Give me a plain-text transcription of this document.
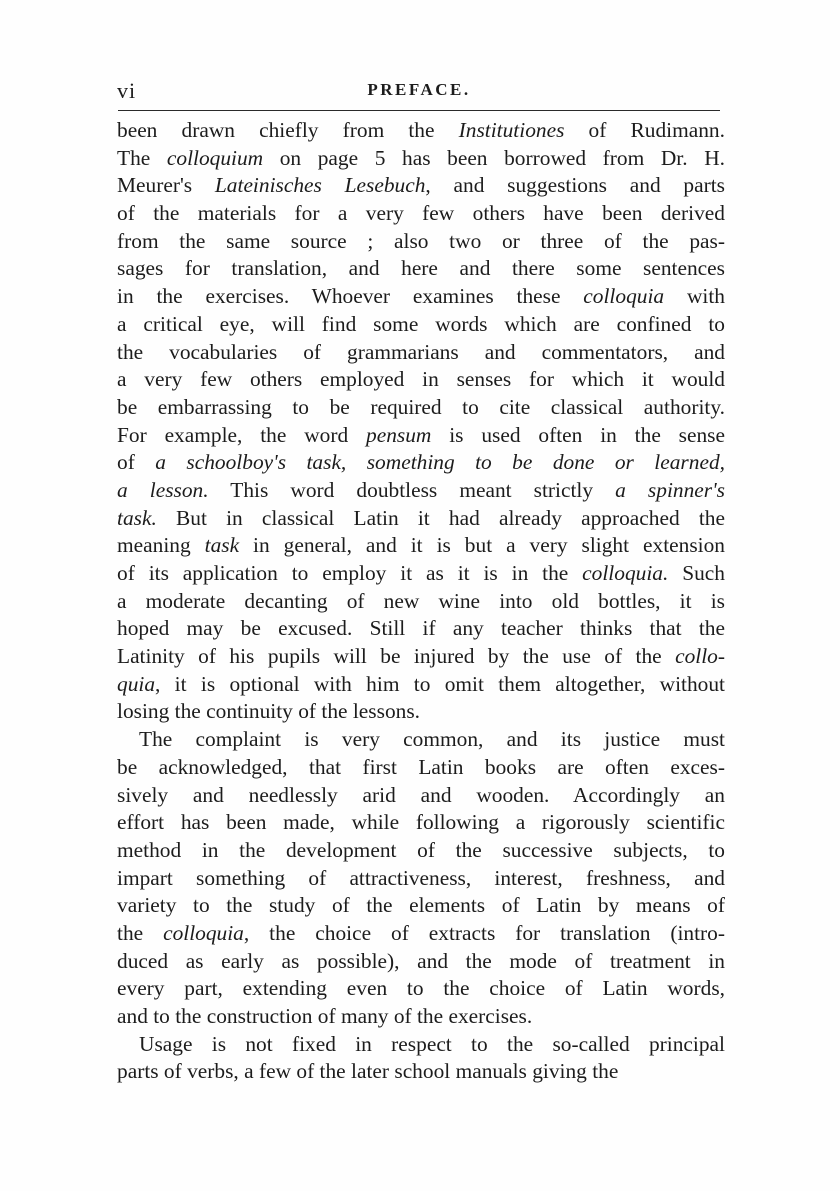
vi	PREFACE.
been drawn chiefly from the Institutiones of Rudimann.
The colloquium on page 5 has been borrowed from Dr. H.
Meurer's Lateinisches Lesebuch, and suggestions and parts
of the materials for a very few others have been derived
from the same source ; also two or three of the pas-
sages for translation, and here and there some sentences
in the exercises. Whoever examines these colloquia with
a critical eye, will find some words which are confined to
the vocabularies of grammarians and commentators, and
a very few others employed in senses for which it would
be embarrassing to be required to cite classical authority.
For example, the word pensum is used often in the sense
of a schoolboy's task, something to be done or learned,
a lesson. This word doubtless meant strictly a spinner's
task. But in classical Latin it had already approached the
meaning task in general, and it is but a very slight extension
of its application to employ it as it is in the colloquia. Such
a moderate decanting of new wine into old bottles, it is
hoped may be excused. Still if any teacher thinks that the
Latinity of his pupils will be injured by the use of the collo-
quia, it is optional with him to omit them altogether, without
losing the continuity of the lessons.
The complaint is very common, and its justice must
be acknowledged, that first Latin books are often exces-
sively and needlessly arid and wooden. Accordingly an
effort has been made, while following a rigorously scientific
method in the development of the successive subjects, to
impart something of attractiveness, interest, freshness, and
variety to the study of the elements of Latin by means of
the colloquia, the choice of extracts for translation (intro-
duced as early as possible), and the mode of treatment in
every part, extending even to the choice of Latin words,
and to the construction of many of the exercises.
Usage is not fixed in respect to the so-called principal
parts of verbs, a few of the later school manuals giving the
